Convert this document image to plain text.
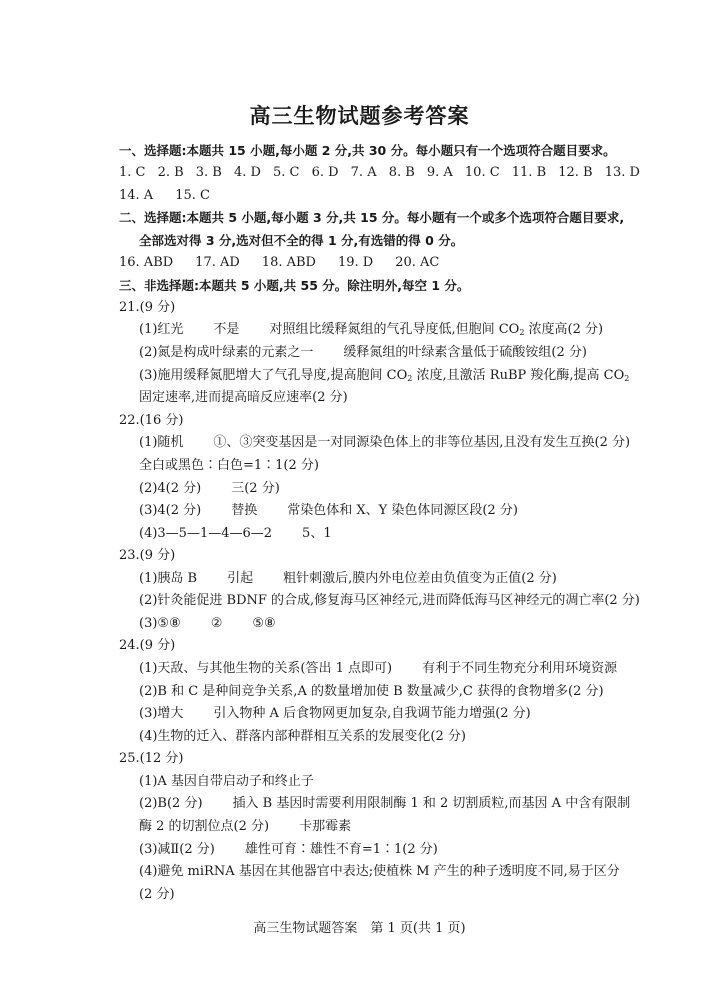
高三生物试题参考答案
一、选择题:本题共 15 小题,每小题 2 分,共 30 分。每小题只有一个选项符合题目要求。
1. C 2. B 3. B 4. D 5. C 6. D 7. A 8. B 9. A 10. C 11. B 12. B 13. D
14. A 15. C
二、选择题:本题共 5 小题,每小题 3 分,共 15 分。每小题有一个或多个选项符合题目要求,
全部选对得 3 分,选对但不全的得 1 分,有选错的得 0 分。
16. ABD 17. AD 18. ABD 19. D 20. AC
三、非选择题:本题共 5 小题,共 55 分。除注明外,每空 1 分。
21.(9 分)
(1)红光 不是 对照组比缓释氮组的气孔导度低,但胞间 $CO_2$ 浓度高(2 分)
(2)氮是构成叶绿素的元素之一 缓释氮组的叶绿素含量低于硫酸铵组(2 分)
(3)施用缓释氮肥增大了气孔导度,提高胞间 $CO_2$ 浓度,且激活 RuBP 羧化酶,提高 $CO_2$
固定速率,进而提高暗反应速率(2 分)
22.(16 分)
(1)随机 ①、③突变基因是一对同源染色体上的非等位基因,且没有发生互换(2 分)
全白或黑色∶白色=1∶1(2 分)
(2)4(2 分) 三(2 分)
(3)4(2 分) 替换 常染色体和 X、Y 染色体同源区段(2 分)
(4)3—5—1—4—6—2 5、1
23.(9 分)
(1)胰岛 B 引起 粗针刺激后,膜内外电位差由负值变为正值(2 分)
(2)针灸能促进 BDNF 的合成,修复海马区神经元,进而降低海马区神经元的凋亡率(2 分)
(3)⑤⑧ ② ⑤⑧
24.(9 分)
(1)天敌、与其他生物的关系(答出 1 点即可) 有利于不同生物充分利用环境资源
(2)B 和 C 是种间竞争关系,A 的数量增加使 B 数量减少,C 获得的食物增多(2 分)
(3)增大 引入物种 A 后食物网更加复杂,自我调节能力增强(2 分)
(4)生物的迁入、群落内部种群相互关系的发展变化(2 分)
25.(12 分)
(1)A 基因自带启动子和终止子
(2)B(2 分) 插入 B 基因时需要利用限制酶 1 和 2 切割质粒,而基因 A 中含有限制
酶 2 的切割位点(2 分) 卡那霉素
(3)减Ⅱ(2 分) 雄性可育∶雄性不育=1∶1(2 分)
(4)避免 miRNA 基因在其他器官中表达;使植株 M 产生的种子透明度不同,易于区分
(2 分)
高三生物试题答案　第 1 页(共 1 页)
